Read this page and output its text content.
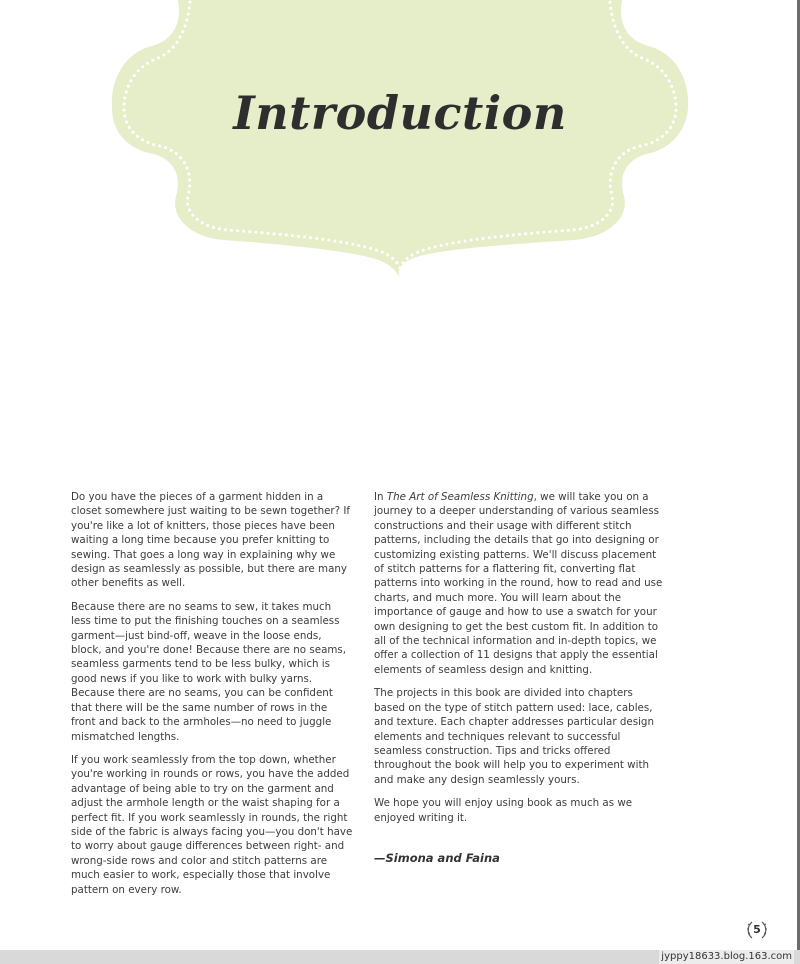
Introduction

Do you have the pieces of a garment hidden in a closet somewhere just waiting to be sewn together? If you're like a lot of knitters, those pieces have been waiting a long time because you prefer knitting to sewing. That goes a long way in explaining why we design as seamlessly as possible, but there are many other benefits as well.

Because there are no seams to sew, it takes much less time to put the finishing touches on a seamless garment—just bind-off, weave in the loose ends, block, and you're done! Because there are no seams, seamless garments tend to be less bulky, which is good news if you like to work with bulky yarns. Because there are no seams, you can be confident that there will be the same number of rows in the front and back to the armholes—no need to juggle mismatched lengths.

If you work seamlessly from the top down, whether you're working in rounds or rows, you have the added advantage of being able to try on the garment and adjust the armhole length or the waist shaping for a perfect fit. If you work seamlessly in rounds, the right side of the fabric is always facing you—you don't have to worry about gauge differences between right- and wrong-side rows and color and stitch patterns are much easier to work, especially those that involve pattern on every row.

In The Art of Seamless Knitting, we will take you on a journey to a deeper understanding of various seamless constructions and their usage with different stitch patterns, including the details that go into designing or customizing existing patterns. We'll discuss placement of stitch patterns for a flattering fit, converting flat patterns into working in the round, how to read and use charts, and much more. You will learn about the importance of gauge and how to use a swatch for your own designing to get the best custom fit. In addition to all of the technical information and in-depth topics, we offer a collection of 11 designs that apply the essential elements of seamless design and knitting.

The projects in this book are divided into chapters based on the type of stitch pattern used: lace, cables, and texture. Each chapter addresses particular design elements and techniques relevant to successful seamless construction. Tips and tricks offered throughout the book will help you to experiment with and make any design seamlessly yours.

We hope you will enjoy using book as much as we enjoyed writing it.

—Simona and Faina

5
jyppy18633.blog.163.com
